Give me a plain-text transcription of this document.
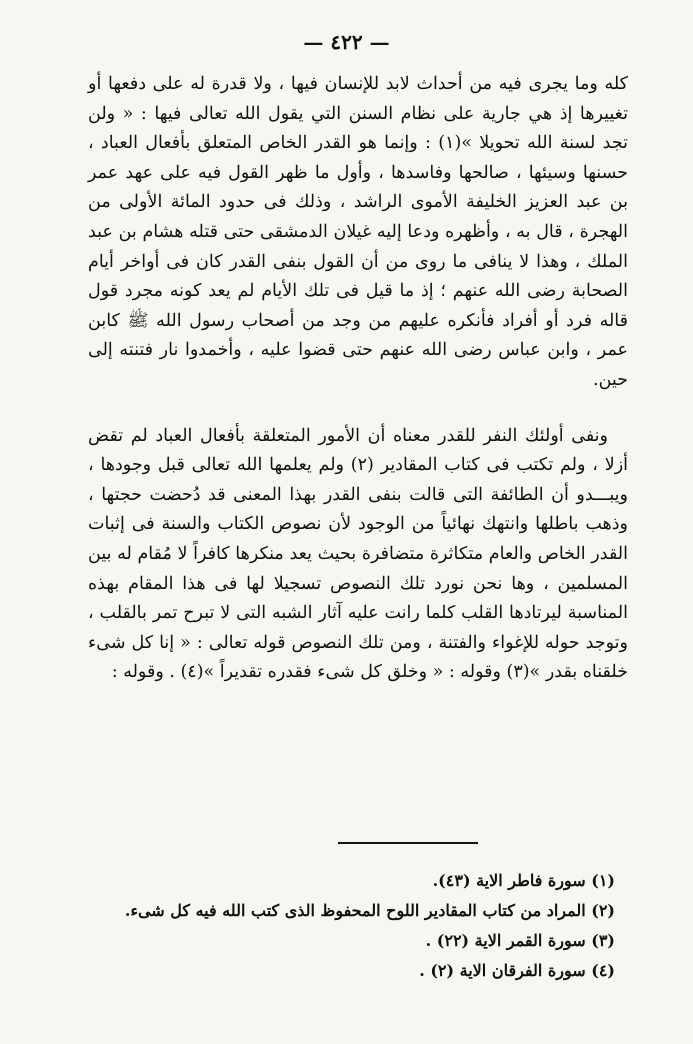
— ٤٢٢ —

كله وما يجرى فيه من أحداث لابد للإنسان فيها ، ولا قدرة له على دفعها أو تغييرها إذ هي جارية على نظام السنن التي يقول الله تعالى فيها : « ولن تجد لسنة الله تحويلا »(١) : وإنما هو القدر الخاص المتعلق بأفعال العباد ، حسنها وسيئها ، صالحها وفاسدها ، وأول ما ظهر القول فيه على عهد عمر بن عبد العزيز الخليفة الأموى الراشد ، وذلك فى حدود المائة الأولى من الهجرة ، قال به ، وأظهره ودعا إليه غيلان الدمشقى حتى قتله هشام بن عبد الملك ، وهذا لا ينافى ما روى من أن القول بنفى القدر كان فى أواخر أيام الصحابة رضى الله عنهم ؛ إذ ما قيل فى تلك الأيام لم يعد كونه مجرد قول قاله فرد أو أفراد فأنكره عليهم من وجد من أصحاب رسول الله ﷺ كابن عمر ، وابن عباس رضى الله عنهم حتى قضوا عليه ، وأخمدوا نار فتنته إلى حين.

ونفى أولئك النفر للقدر معناه أن الأمور المتعلقة بأفعال العباد لم تقض أزلا ، ولم تكتب فى كتاب المقادير (٢) ولم يعلمها الله تعالى قبل وجودها ، ويبـــدو أن الطائفة التى قالت بنفى القدر بهذا المعنى قد دُحضت حجتها ، وذهب باطلها وانتهك نهائياً من الوجود لأن نصوص الكتاب والسنة فى إثبات القدر الخاص والعام متكاثرة متضافرة بحيث يعد منكرها كافراً لا مُقام له بين المسلمين ، وها نحن نورد تلك النصوص تسجيلا لها فى هذا المقام بهذه المناسبة ليرتادها القلب كلما رانت عليه آثار الشبه التى لا تبرح تمر بالقلب ، وتوجد حوله للإغواء والفتنة ، ومن تلك النصوص قوله تعالى : « إنا كل شىء خلقناه بقدر »(٣) وقوله : « وخلق كل شىء فقدره تقديراً »(٤) . وقوله :

(١) سورة فاطر الاية (٤٣).
(٢) المراد من كتاب المقادير اللوح المحفوظ الذى كتب الله فيه كل شىء.
(٣) سورة القمر الاية (٢٢) .
(٤) سورة الفرقان الاية (٢) .
